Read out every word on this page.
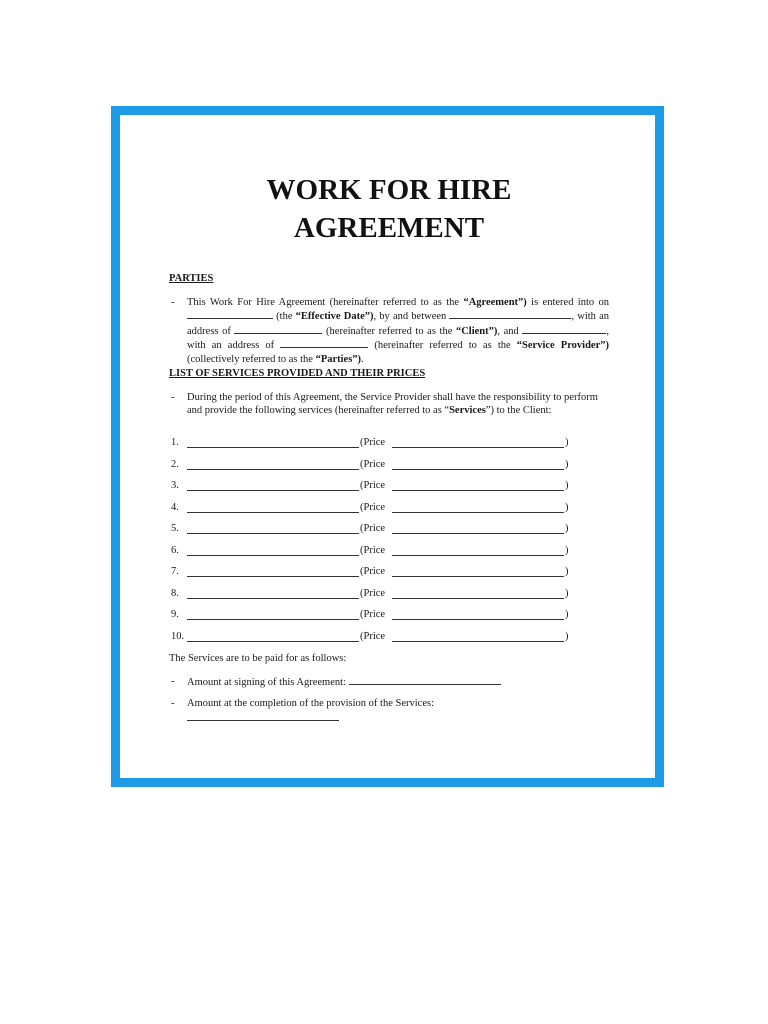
WORK FOR HIRE
AGREEMENT
PARTIES
- This Work For Hire Agreement (hereinafter referred to as the “Agreement”) is entered into on  (the “Effective Date”), by and between	, with an address of	(hereinafter referred to as the “Client”), and	, with an address of	(hereinafter referred to as the “Service Provider”) (collectively referred to as the “Parties”).
LIST OF SERVICES PROVIDED AND THEIR PRICES
- During the period of this Agreement, the Service Provider shall have the responsibility to perform and provide the following services (hereinafter referred to as “Services”) to the Client:
1.	(Price	)
2.	(Price	)
3.	(Price	)
4.	(Price	)
5.	(Price	)
6.	(Price	)
7.	(Price	)
8.	(Price	)
9.	(Price	)
10.	(Price	)
The Services are to be paid for as follows:
- Amount at signing of this Agreement:
- Amount at the completion of the provision of the Services:
